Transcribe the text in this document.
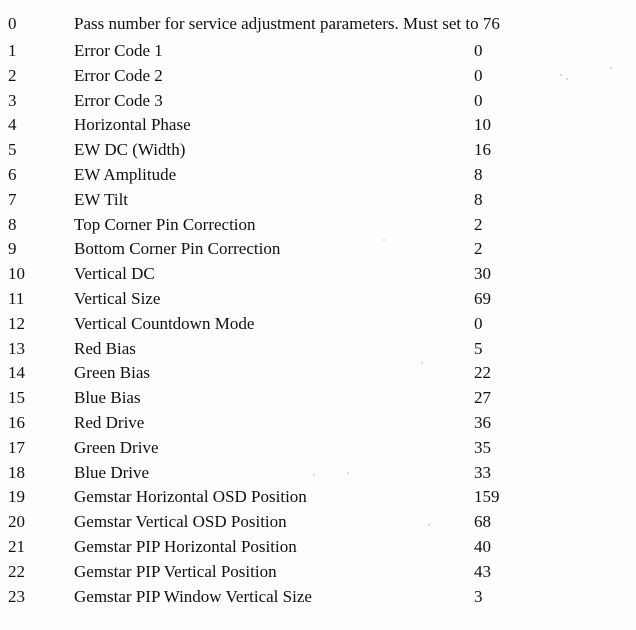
0	Pass number for service adjustment parameters. Must set to 76
1	Error Code 1	0
2	Error Code 2	0
3	Error Code 3	0
4	Horizontal Phase	10
5	EW DC (Width)	16
6	EW Amplitude	8
7	EW Tilt	8
8	Top Corner Pin Correction	2
9	Bottom Corner Pin Correction	2
10	Vertical DC	30
11	Vertical Size	69
12	Vertical Countdown Mode	0
13	Red Bias	5
14	Green Bias	22
15	Blue Bias	27
16	Red Drive	36
17	Green Drive	35
18	Blue Drive	33
19	Gemstar Horizontal OSD Position	159
20	Gemstar Vertical OSD Position	68
21	Gemstar PIP Horizontal Position	40
22	Gemstar PIP Vertical Position	43
23	Gemstar PIP Window Vertical Size	3
